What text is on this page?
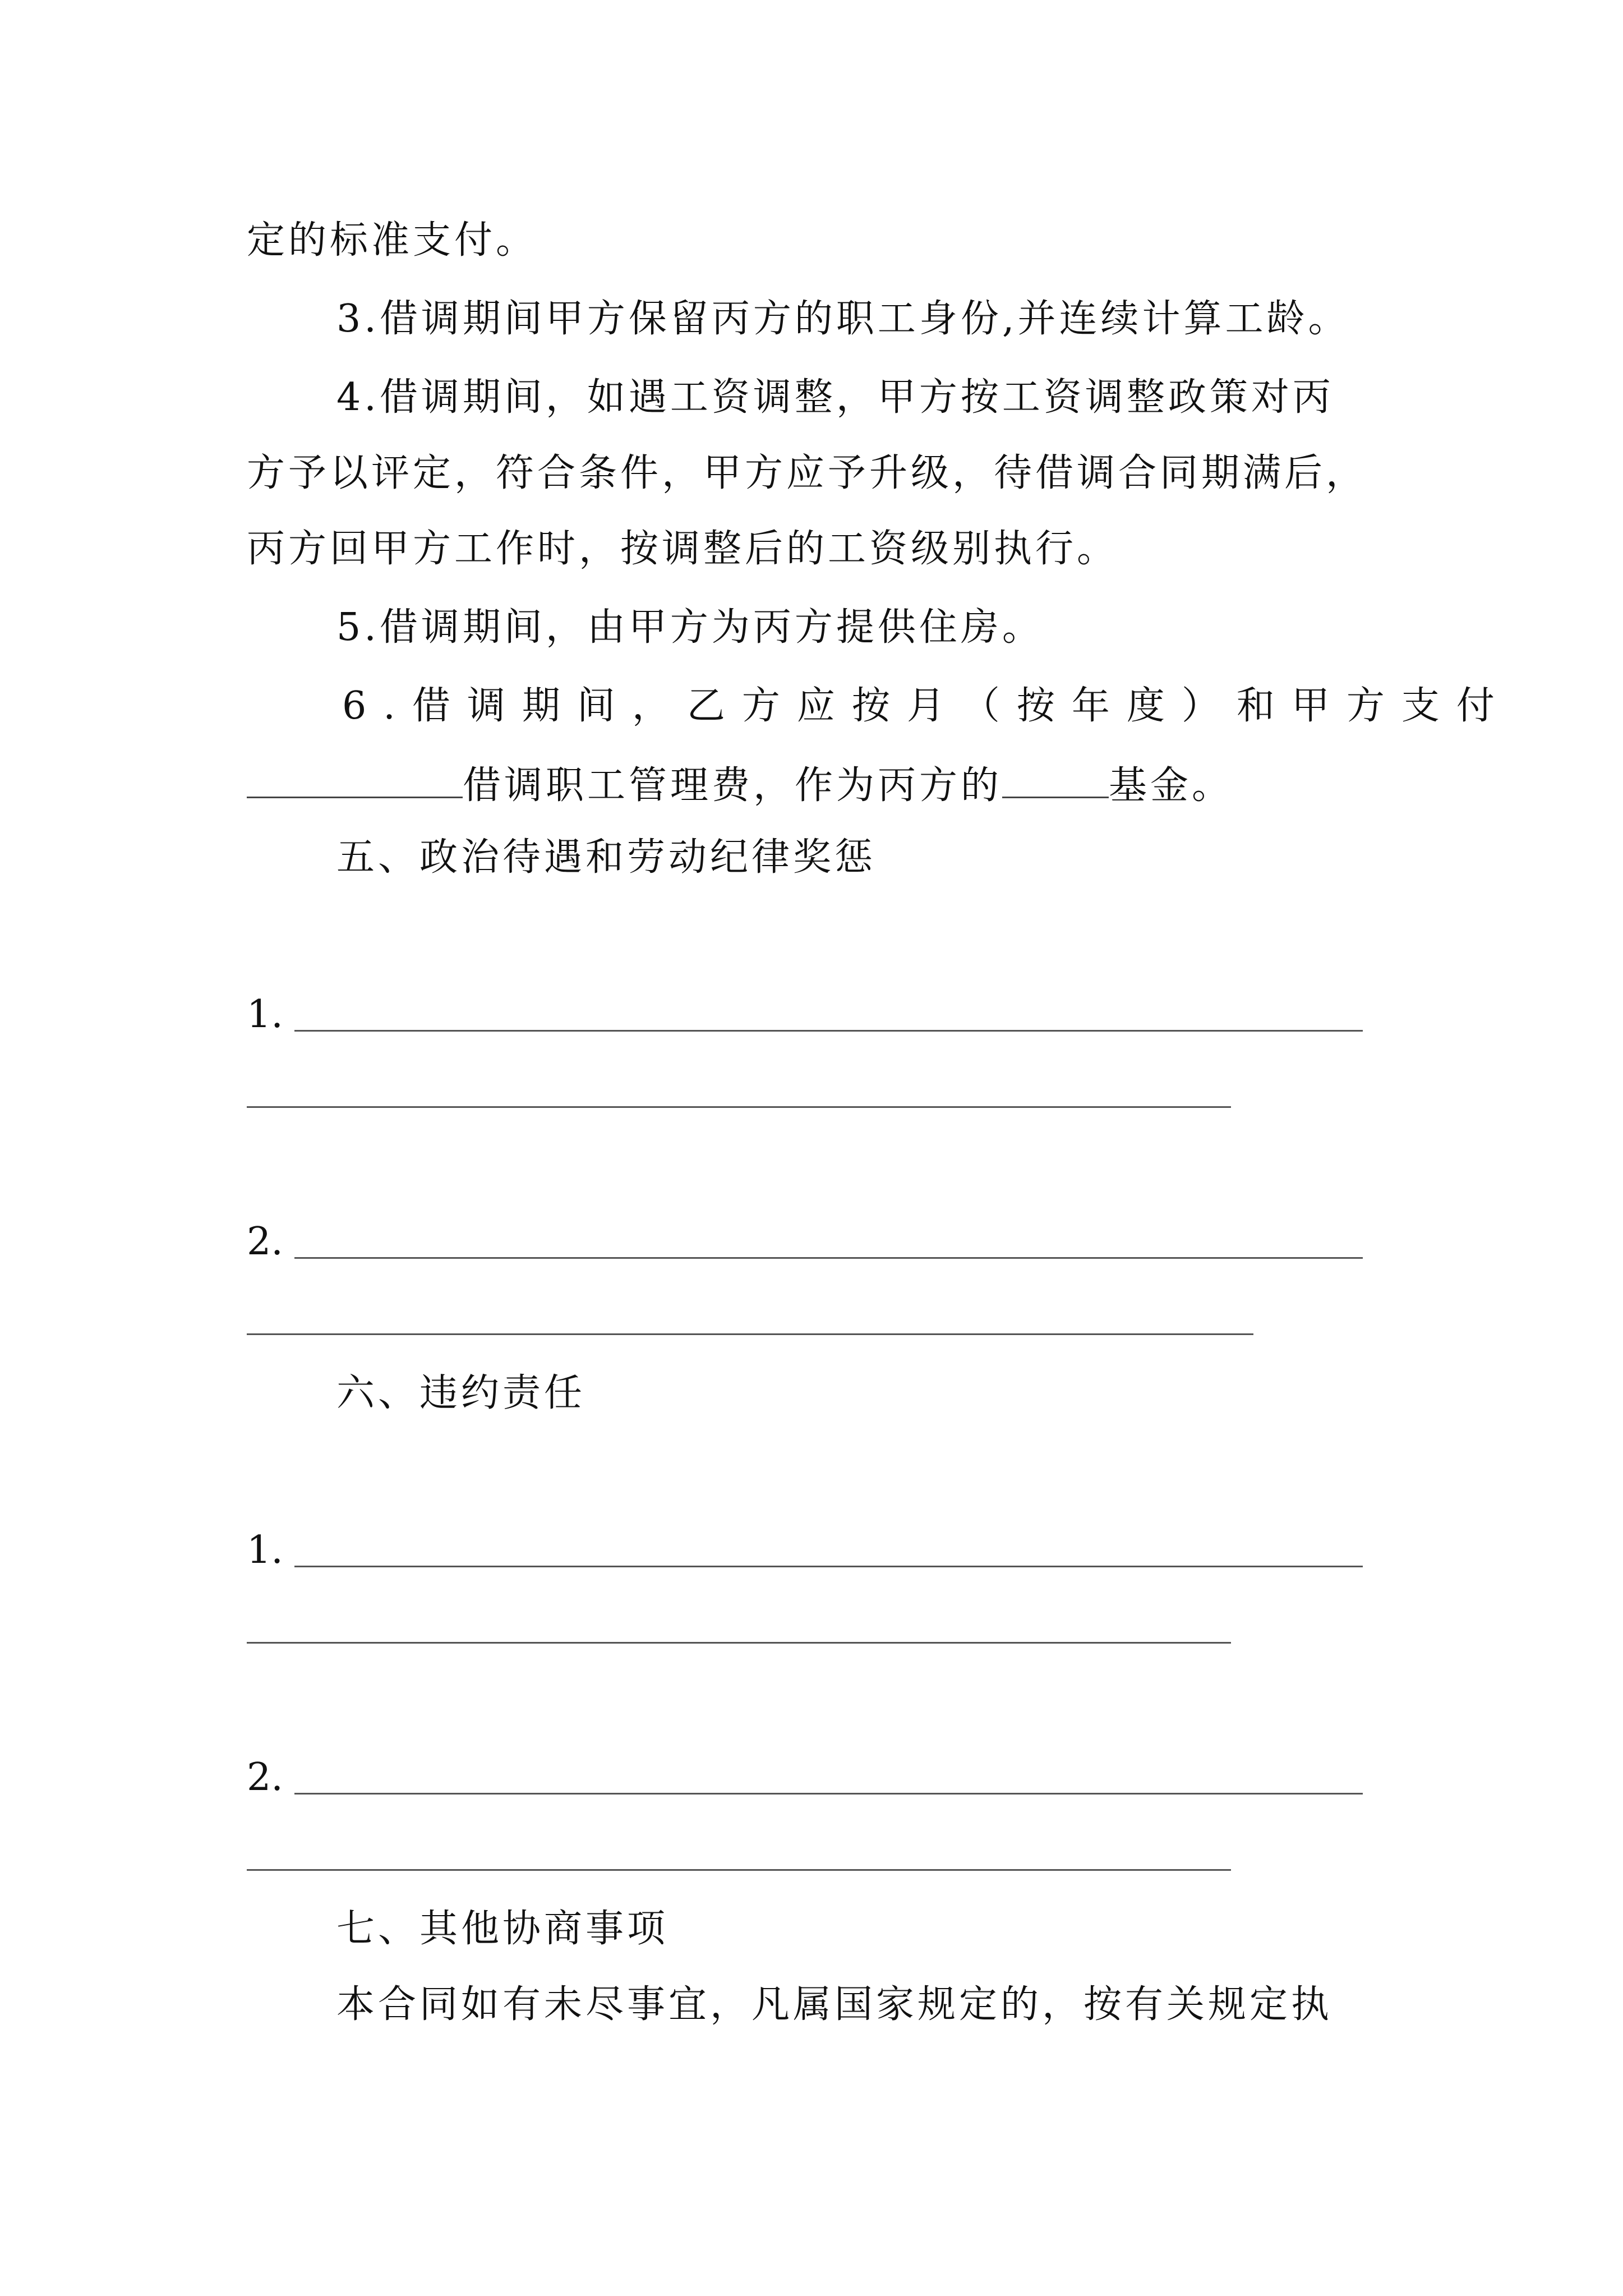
定的标准支付。
3.借调期间甲方保留丙方的职工身份,并连续计算工龄。
4.借调期间，如遇工资调整，甲方按工资调整政策对丙
方予以评定，符合条件，甲方应予升级，待借调合同期满后，
丙方回甲方工作时，按调整后的工资级别执行。
5.借调期间，由甲方为丙方提供住房。
6.借调期间，乙方应按月（按年度）和甲方支付
借调职工管理费，作为丙方的	基金。
五、政治待遇和劳动纪律奖惩
1.
2.
六、违约责任
1.
2.
七、其他协商事项
本合同如有未尽事宜，凡属国家规定的，按有关规定执
